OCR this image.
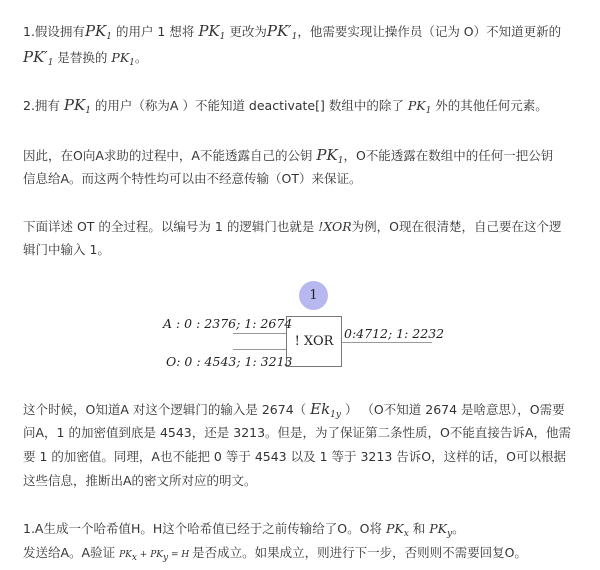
1.假设拥有$PK_1$ 的用户 1 想将 $PK_1$ 更改为$PK'_1$，他需要实现让操作员（记为 O）不知道更新的
$PK'_1$ 是替换的 $PK_1$。
2.拥有 $PK_1$ 的用户（称为A ）不能知道 deactivate[] 数组中的除了 $PK_1$ 外的其他任何元素。
因此，在O向A求助的过程中，A不能透露自己的公钥 $PK_1$，O不能透露在数组中的任何一把公钥
信息给A。而这两个特性均可以由不经意传输（OT）来保证。
下面详述 OT 的全过程。以编号为 1 的逻辑门也就是 !XOR为例，O现在很清楚，自己要在这个逻
辑门中输入 1。
1
! XOR
A : 0 : 2376; 1: 2674
O: 0 : 4543; 1: 3213
0:4712; 1: 2232
这个时候，O知道A 对这个逻辑门的输入是 2674（ $Ek_{1y}$ ） （O不知道 2674 是啥意思），O需要
问A，1 的加密值到底是 4543，还是 3213。但是，为了保证第二条性质，O不能直接告诉A，他需
要 1 的加密值。同理，A也不能把 0 等于 4543 以及 1 等于 3213 告诉O，这样的话，O可以根据
这些信息，推断出A的密文所对应的明文。
1.A生成一个哈希值H。H这个哈希值已经于之前传输给了O。O将 $PK_x$ 和 $PK_y$。
发送给A。A验证 PKx + PKy = H 是否成立。如果成立，则进行下一步，否则则不需要回复O。
